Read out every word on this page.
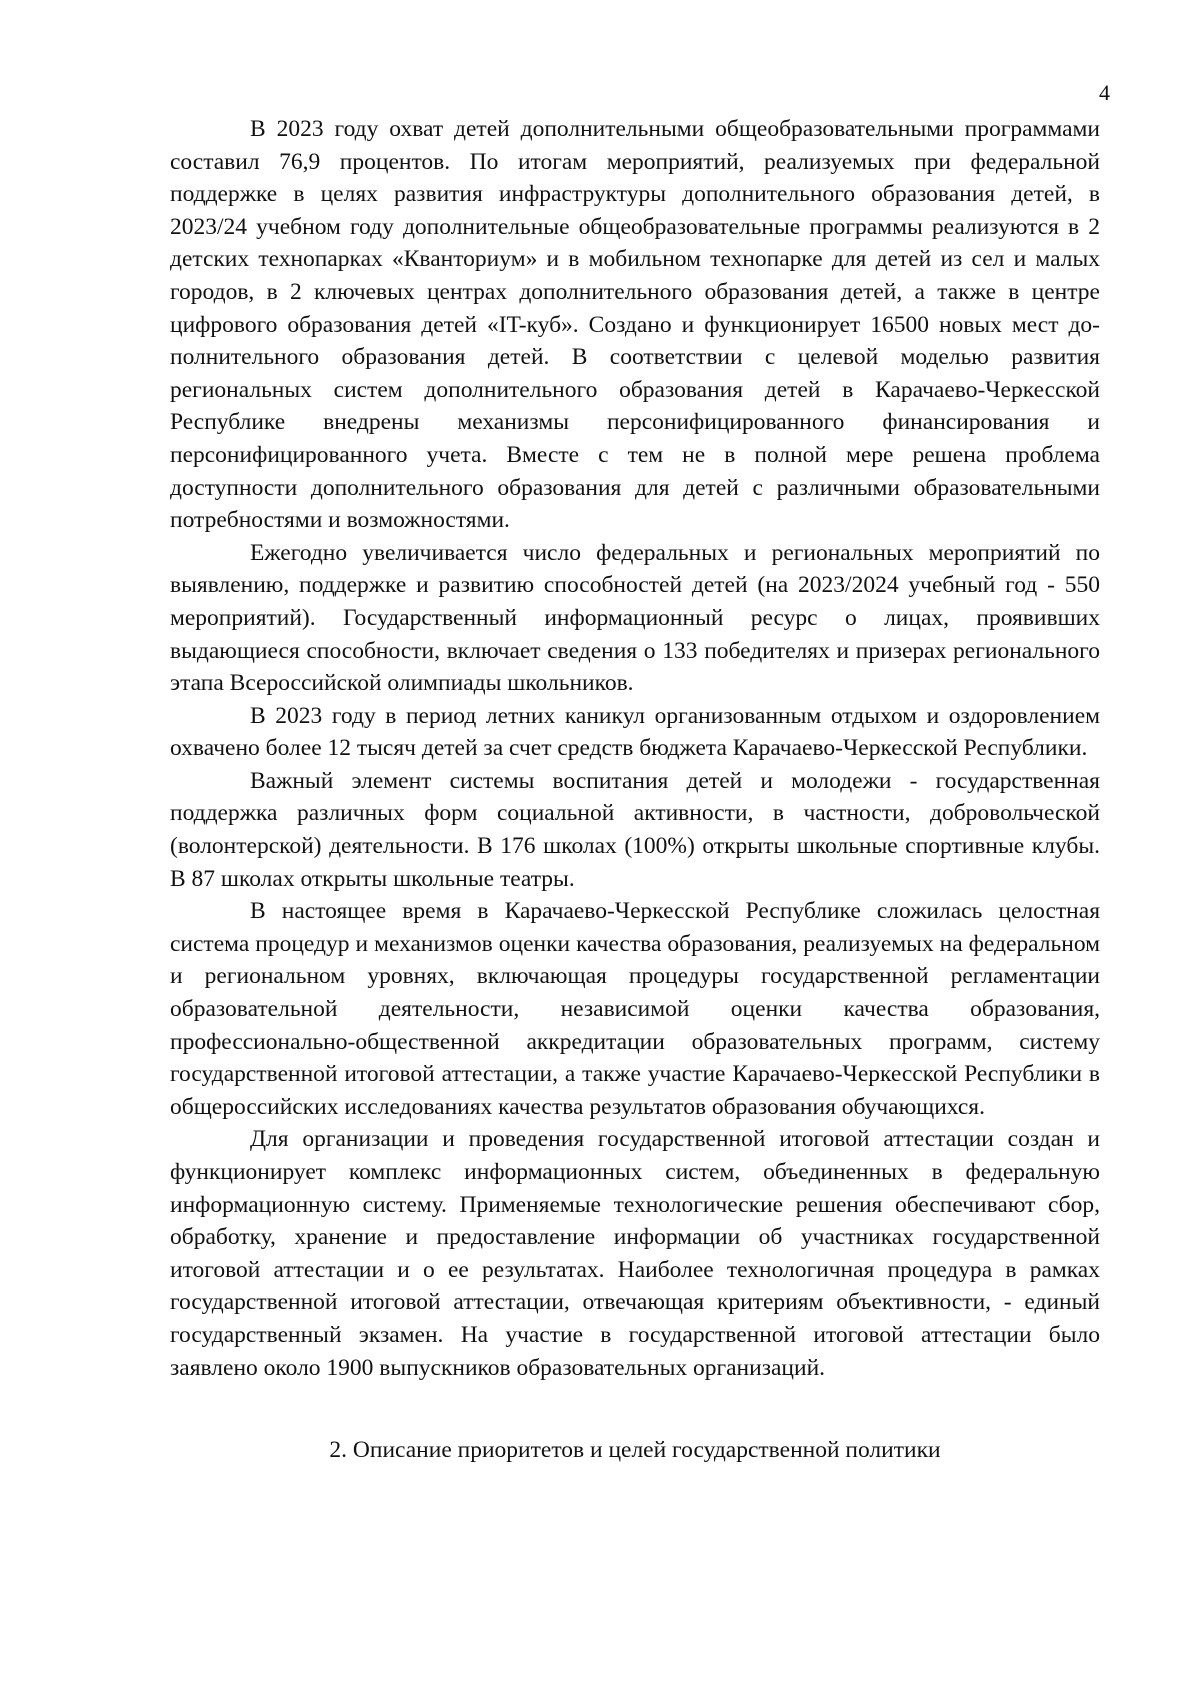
4

В 2023 году охват детей дополнительными общеобразовательными программами составил 76,9 процентов. По итогам мероприятий, реализуемых при федеральной поддержке в целях развития инфраструктуры дополнительного образования детей, в 2023/24 учебном году дополнительные общеобразовательные программы реализуются в 2 детских технопарках «Кванториум» и в мобильном технопарке для детей из сел и малых городов, в 2 ключевых центрах дополнительного образования детей, а также в центре цифрового образования детей «IT-куб». Создано и функционирует 16500 новых мест дополнительного образования детей. В соответствии с целевой моделью развития региональных систем дополнительного образования детей в Карачаево-Черкесской Республике внедрены механизмы персонифицированного финансирования и персонифицированного учета. Вместе с тем не в полной мере решена проблема доступности дополнительного образования для детей с различными образовательными потребностями и возможностями.

Ежегодно увеличивается число федеральных и региональных мероприятий по выявлению, поддержке и развитию способностей детей (на 2023/2024 учебный год - 550 мероприятий). Государственный информационный ресурс о лицах, проявивших выдающиеся способности, включает сведения о 133 победителях и призерах регионального этапа Всероссийской олимпиады школьников.

В 2023 году в период летних каникул организованным отдыхом и оздоровлением охвачено более 12 тысяч детей за счет средств бюджета Карачаево-Черкесской Республики.

Важный элемент системы воспитания детей и молодежи - государственная поддержка различных форм социальной активности, в частности, добровольческой (волонтерской) деятельности. В 176 школах (100%) открыты школьные спортивные клубы. В 87 школах открыты школьные театры.

В настоящее время в Карачаево-Черкесской Республике сложилась целостная система процедур и механизмов оценки качества образования, реализуемых на федеральном и региональном уровнях, включающая процедуры государственной регламентации образовательной деятельности, независимой оценки качества образования, профессионально-общественной аккредитации образовательных программ, систему государственной итоговой аттестации, а также участие Карачаево-Черкесской Республики в общероссийских исследованиях качества результатов образования обучающихся.

Для организации и проведения государственной итоговой аттестации создан и функционирует комплекс информационных систем, объединенных в федеральную информационную систему. Применяемые технологические решения обеспечивают сбор, обработку, хранение и предоставление информации об участниках государственной итоговой аттестации и о ее результатах. Наиболее технологичная процедура в рамках государственной итоговой аттестации, отвечающая критериям объективности, - единый государственный экзамен. На участие в государственной итоговой аттестации было заявлено около 1900 выпускников образовательных организаций.

2. Описание приоритетов и целей государственной политики
